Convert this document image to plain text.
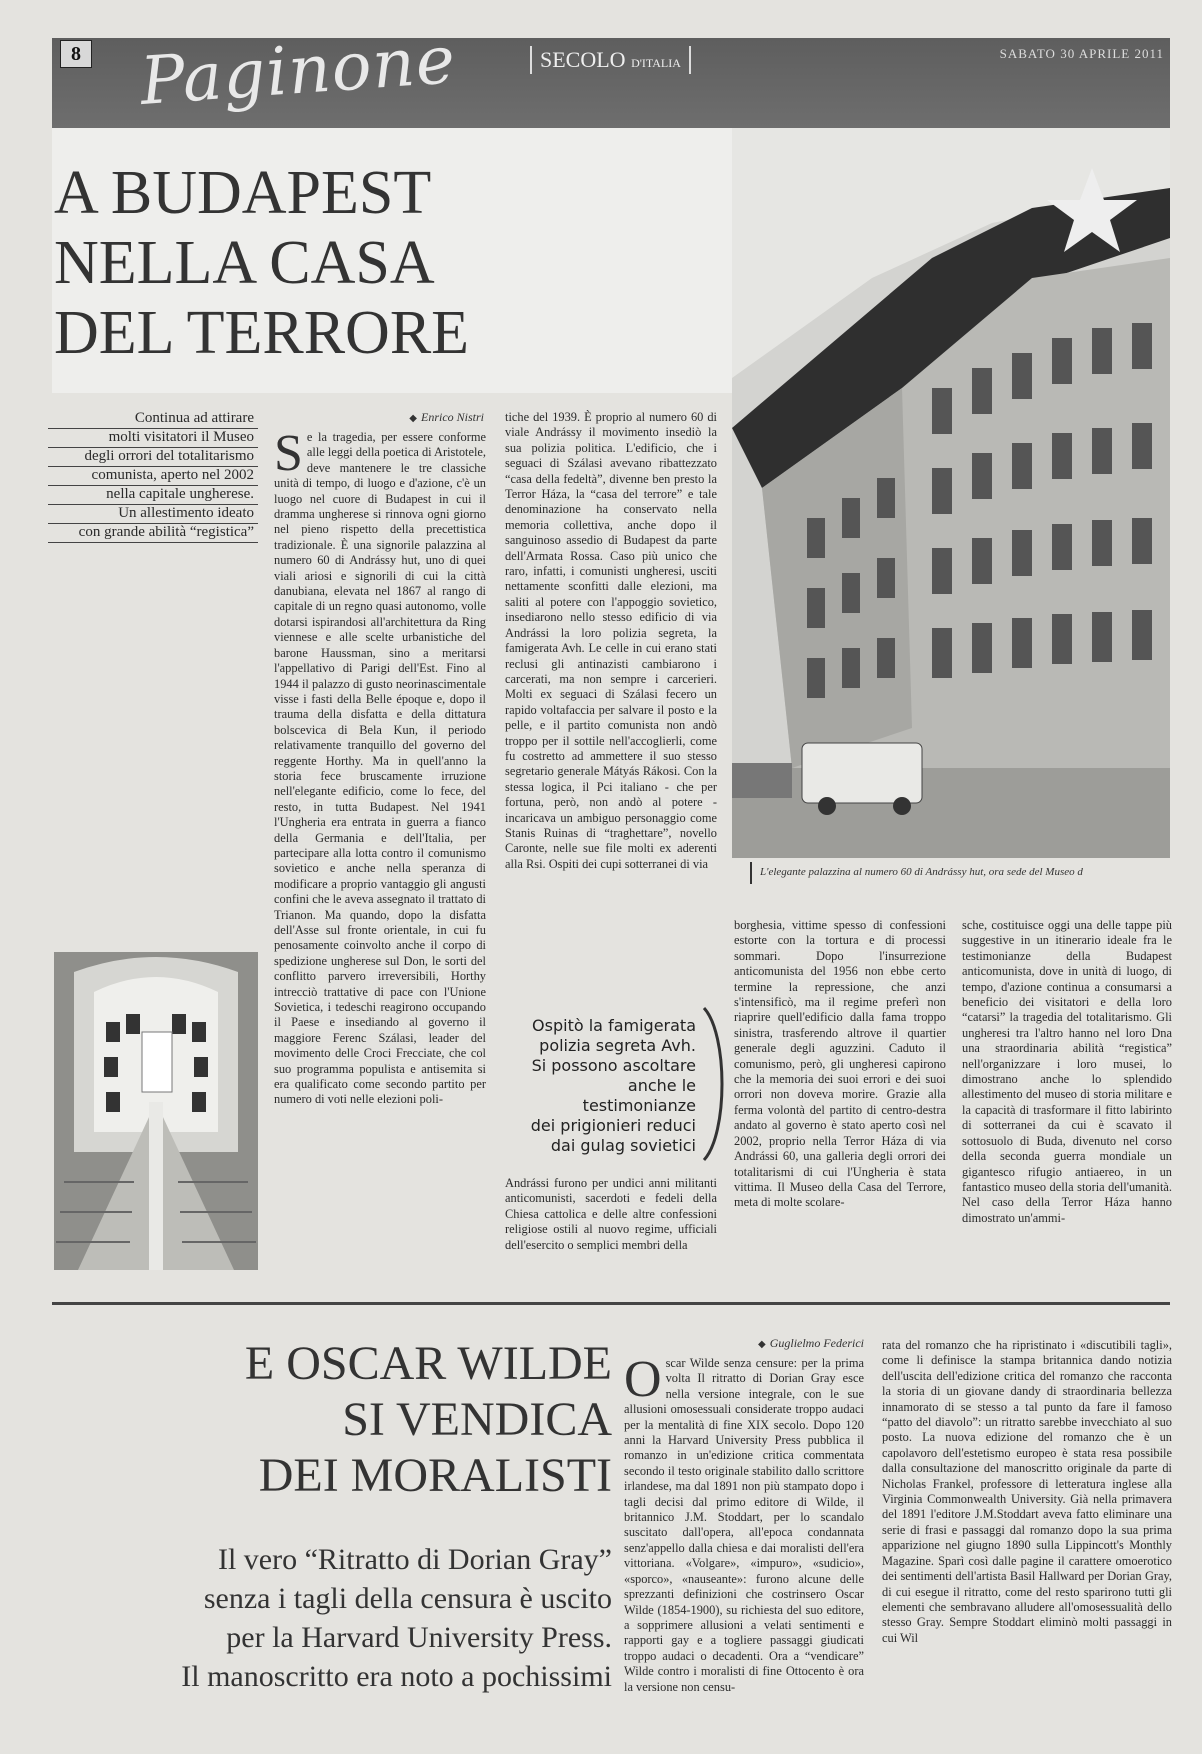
8 Paginone	SECOLO D'ITALIA
SABATO 30 APRILE 2011
A BUDAPEST
NELLA CASA
DEL TERRORE
L'elegante palazzina al numero 60 di Andrássy hut, ora sede del Museo d
Continua ad attirare
molti visitatori il Museo
degli orrori del totalitarismo
comunista, aperto nel 2002
nella capitale ungherese.
Un allestimento ideato
con grande abilità “registica”
◆ Enrico Nistri
Se la tragedia, per essere conforme alle leggi della poetica di Aristotele, deve mantenere le tre classiche unità di tempo, di luogo e d'azione, c'è un luogo nel cuore di Budapest in cui il dramma ungherese si rinnova ogni giorno nel pieno rispetto della precettistica tradizionale. È una signorile palazzina al numero 60 di Andrássy hut, uno di quei viali ariosi e signorili di cui la città danubiana, elevata nel 1867 al rango di capitale di un regno quasi autonomo, volle dotarsi ispirandosi all'architettura da Ring viennese e alle scelte urbanistiche del barone Haussman, sino a meritarsi l'appellativo di Parigi dell'Est. Fino al 1944 il palazzo di gusto neorinascimentale visse i fasti della Belle époque e, dopo il trauma della disfatta e della dittatura bolscevica di Bela Kun, il periodo relativamente tranquillo del governo del reggente Horthy. Ma in quell'anno la storia fece bruscamente irruzione nell'elegante edificio, come lo fece, del resto, in tutta Budapest. Nel 1941 l'Ungheria era entrata in guerra a fianco della Germania e dell'Italia, per partecipare alla lotta contro il comunismo sovietico e anche nella speranza di modificare a proprio vantaggio gli angusti confini che le aveva assegnato il trattato di Trianon. Ma quando, dopo la disfatta dell'Asse sul fronte orientale, in cui fu penosamente coinvolto anche il corpo di spedizione ungherese sul Don, le sorti del conflitto parvero irreversibili, Horthy intrecciò trattative di pace con l'Unione Sovietica, i tedeschi reagirono occupando il Paese e insediando al governo il maggiore Ferenc Szálasi, leader del movimento delle Croci Frecciate, che col suo programma populista e antisemita si era qualificato come secondo partito per numero di voti nelle elezioni poli-
tiche del 1939. È proprio al numero 60 di viale Andrássy il movimento insediò la sua polizia politica. L'edificio, che i seguaci di Szálasi avevano ribattezzato “casa della fedeltà”, divenne ben presto la Terror Háza, la “casa del terrore” e tale denominazione ha conservato nella memoria collettiva, anche dopo il sanguinoso assedio di Budapest da parte dell'Armata Rossa. Caso più unico che raro, infatti, i comunisti ungheresi, usciti nettamente sconfitti dalle elezioni, ma saliti al potere con l'appoggio sovietico, insediarono nello stesso edificio di via Andrássi la loro polizia segreta, la famigerata Avh. Le celle in cui erano stati reclusi gli antinazisti cambiarono i carcerati, ma non sempre i carcerieri. Molti ex seguaci di Szálasi fecero un rapido voltafaccia per salvare il posto e la pelle, e il partito comunista non andò troppo per il sottile nell'accoglierli, come fu costretto ad ammettere il suo stesso segretario generale Mátyás Rákosi. Con la stessa logica, il Pci italiano - che per fortuna, però, non andò al potere - incaricava un ambiguo personaggio come Stanis Ruinas di “traghettare”, novello Caronte, nelle sue file molti ex aderenti alla Rsi. Ospiti dei cupi sotterranei di via
Ospitò la famigerata
polizia segreta Avh.
Si possono ascoltare
anche le testimonianze
dei prigionieri reduci
dai gulag sovietici
Andrássi furono per undici anni militanti anticomunisti, sacerdoti e fedeli della Chiesa cattolica e delle altre confessioni religiose ostili al nuovo regime, ufficiali dell'esercito o semplici membri della
borghesia, vittime spesso di confessioni estorte con la tortura e di processi sommari. Dopo l'insurrezione anticomunista del 1956 non ebbe certo termine la repressione, che anzi s'intensificò, ma il regime preferì non riaprire quell'edificio dalla fama troppo sinistra, trasferendo altrove il quartier generale degli aguzzini. Caduto il comunismo, però, gli ungheresi capirono che la memoria dei suoi errori e dei suoi orrori non doveva morire. Grazie alla ferma volontà del partito di centro-destra andato al governo è stato aperto così nel 2002, proprio nella Terror Háza di via Andrássi 60, una galleria degli orrori dei totalitarismi di cui l'Ungheria è stata vittima. Il Museo della Casa del Terrore, meta di molte scolare-
sche, costituisce oggi una delle tappe più suggestive in un itinerario ideale fra le testimonianze della Budapest anticomunista, dove in unità di luogo, di tempo, d'azione continua a consumarsi a beneficio dei visitatori e della loro “catarsi” la tragedia del totalitarismo. Gli ungheresi tra l'altro hanno nel loro Dna una straordinaria abilità “registica” nell'organizzare i loro musei, lo dimostrano anche lo splendido allestimento del museo di storia militare e la capacità di trasformare il fitto labirinto di sotterranei da cui è scavato il sottosuolo di Buda, divenuto nel corso della seconda guerra mondiale un gigantesco rifugio antiaereo, in un fantastico museo della storia dell'umanità. Nel caso della Terror Háza hanno dimostrato un'ammi-
E OSCAR WILDE
SI VENDICA
DEI MORALISTI
Il vero “Ritratto di Dorian Gray”
senza i tagli della censura è uscito
per la Harvard University Press.
Il manoscritto era noto a pochissimi
◆ Guglielmo Federici
Oscar Wilde senza censure: per la prima volta Il ritratto di Dorian Gray esce nella versione integrale, con le sue allusioni omosessuali considerate troppo audaci per la mentalità di fine XIX secolo. Dopo 120 anni la Harvard University Press pubblica il romanzo in un'edizione critica commentata secondo il testo originale stabilito dallo scrittore irlandese, ma dal 1891 non più stampato dopo i tagli decisi dal primo editore di Wilde, il britannico J.M. Stoddart, per lo scandalo suscitato dall'opera, all'epoca condannata senz'appello dalla chiesa e dai moralisti dell'era vittoriana. «Volgare», «impuro», «sudicio», «sporco», «nauseante»: furono alcune delle sprezzanti definizioni che costrinsero Oscar Wilde (1854-1900), su richiesta del suo editore, a sopprimere allusioni a velati sentimenti e rapporti gay e a togliere passaggi giudicati troppo audaci o decadenti. Ora a “vendicare” Wilde contro i moralisti di fine Ottocento è ora la versione non censu-
rata del romanzo che ha ripristinato i «discutibili tagli», come li definisce la stampa britannica dando notizia dell'uscita dell'edizione critica del romanzo che racconta la storia di un giovane dandy di straordinaria bellezza innamorato di se stesso a tal punto da fare il famoso “patto del diavolo”: un ritratto sarebbe invecchiato al suo posto. La nuova edizione del romanzo che è un capolavoro dell'estetismo europeo è stata resa possibile dalla consultazione del manoscritto originale da parte di Nicholas Frankel, professore di letteratura inglese alla Virginia Commonwealth University. Già nella primavera del 1891 l'editore J.M.Stoddart aveva fatto eliminare una serie di frasi e passaggi dal romanzo dopo la sua prima apparizione nel giugno 1890 sulla Lippincott's Monthly Magazine. Sparì così dalle pagine il carattere omoerotico dei sentimenti dell'artista Basil Hallward per Dorian Gray, di cui esegue il ritratto, come del resto sparirono tutti gli elementi che sembravano alludere all'omosessualità dello stesso Gray. Sempre Stoddart eliminò molti passaggi in cui Wil
